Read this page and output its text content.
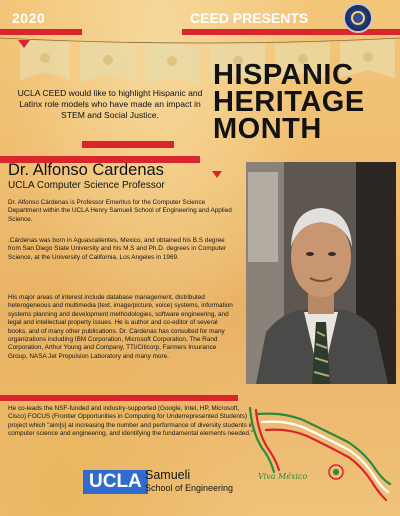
2020	CEED PRESENTS
HISPANIC
HERITAGE
MONTH
UCLA CEED would like to highlight Hispanic and Latinx role models who have made an impact in STEM and Social Justice.
Dr. Alfonso Cardenas
UCLA Computer Science Professor
Dr. Alfonso Cárdenas is Professor Emeritus for the Computer Science Department within the UCLA Henry Samueli School of Engineering and Applied Science.
.Cárdenas was born in Aguascalientes, Mexico, and obtained his B.S degree from San Diego State University and his M.S and Ph.D. degrees in Computer Science, at the University of California, Los Angeles in 1969.
His major areas of interest include database management, distributed heterogeneous and multimedia (text, image/picture, voice) systems, information systems planning and development methodologies, software engineering, and legal and intellectual property issues. He is author and co-editor of several books, and of many other publications. Dr. Cárdenas has consulted for many organizations including IBM Corporation, Microsoft Corporation, The Rand Corporation, Arthur Young and Company, TTI/Citicorp, Farmers Insurance Group, NASA Jet Propulsion Laboratory and many more.
He co-leads the NSF-funded and industry-supported (Google, Intel, HP, Microsoft, Cisco) FOCUS (Frontier Opportunities in Computing for Underrepresented Students) project which "aim[s] at increasing the number and performance of diversity students in computer science and engineering, and identifying the fundamental elements needed."
Viva México
UCLA Samueli
School of Engineering
